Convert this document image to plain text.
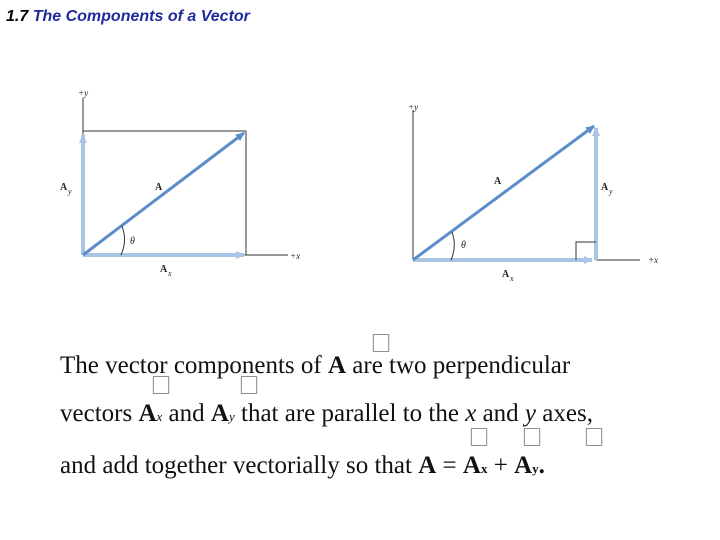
1.7 The Components of a Vector
+y
+x
A
A y
A x
θ
+y
+x
A
A y
A x
θ
⃞
⃞	⃞
⃞ ⃞ ⃞
The vector components of A are two perpendicular
vectors Ax and Ay that are parallel to the x and y axes,
and add together vectorially so that A = Ax + Ay.
